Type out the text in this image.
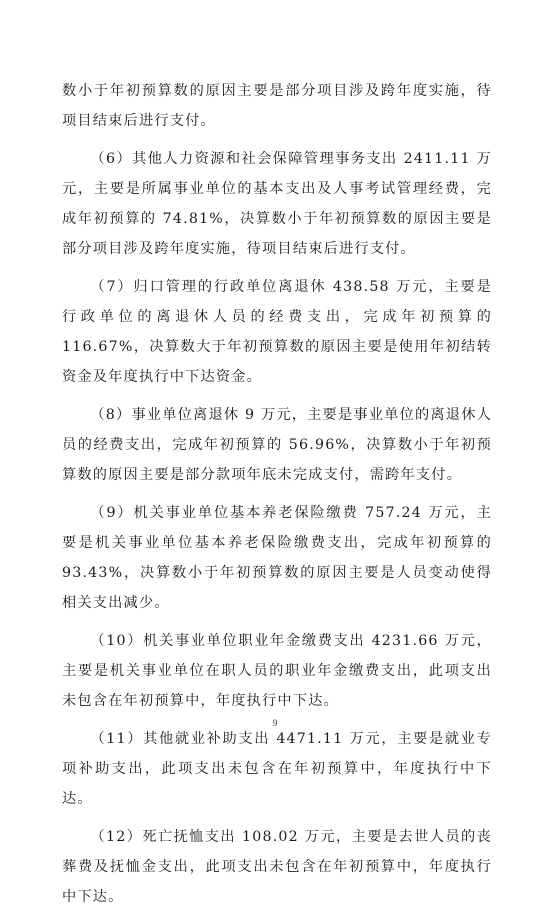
数小于年初预算数的原因主要是部分项目涉及跨年度实施，待项目结束后进行支付。

（6）其他人力资源和社会保障管理事务支出 2411.11 万元，主要是所属事业单位的基本支出及人事考试管理经费，完成年初预算的 74.81%，决算数小于年初预算数的原因主要是部分项目涉及跨年度实施，待项目结束后进行支付。

（7）归口管理的行政单位离退休 438.58 万元，主要是行政单位的离退休人员的经费支出，完成年初预算的 116.67%，决算数大于年初预算数的原因主要是使用年初结转资金及年度执行中下达资金。

（8）事业单位离退休 9 万元，主要是事业单位的离退休人员的经费支出，完成年初预算的 56.96%，决算数小于年初预算数的原因主要是部分款项年底未完成支付，需跨年支付。

（9）机关事业单位基本养老保险缴费 757.24 万元，主要是机关事业单位基本养老保险缴费支出，完成年初预算的 93.43%，决算数小于年初预算数的原因主要是人员变动使得相关支出减少。

（10）机关事业单位职业年金缴费支出 4231.66 万元，主要是机关事业单位在职人员的职业年金缴费支出，此项支出未包含在年初预算中，年度执行中下达。

（11）其他就业补助支出 4471.11 万元，主要是就业专项补助支出，此项支出未包含在年初预算中，年度执行中下达。

（12）死亡抚恤支出 108.02 万元，主要是去世人员的丧葬费及抚恤金支出，此项支出未包含在年初预算中，年度执行中下达。

9
